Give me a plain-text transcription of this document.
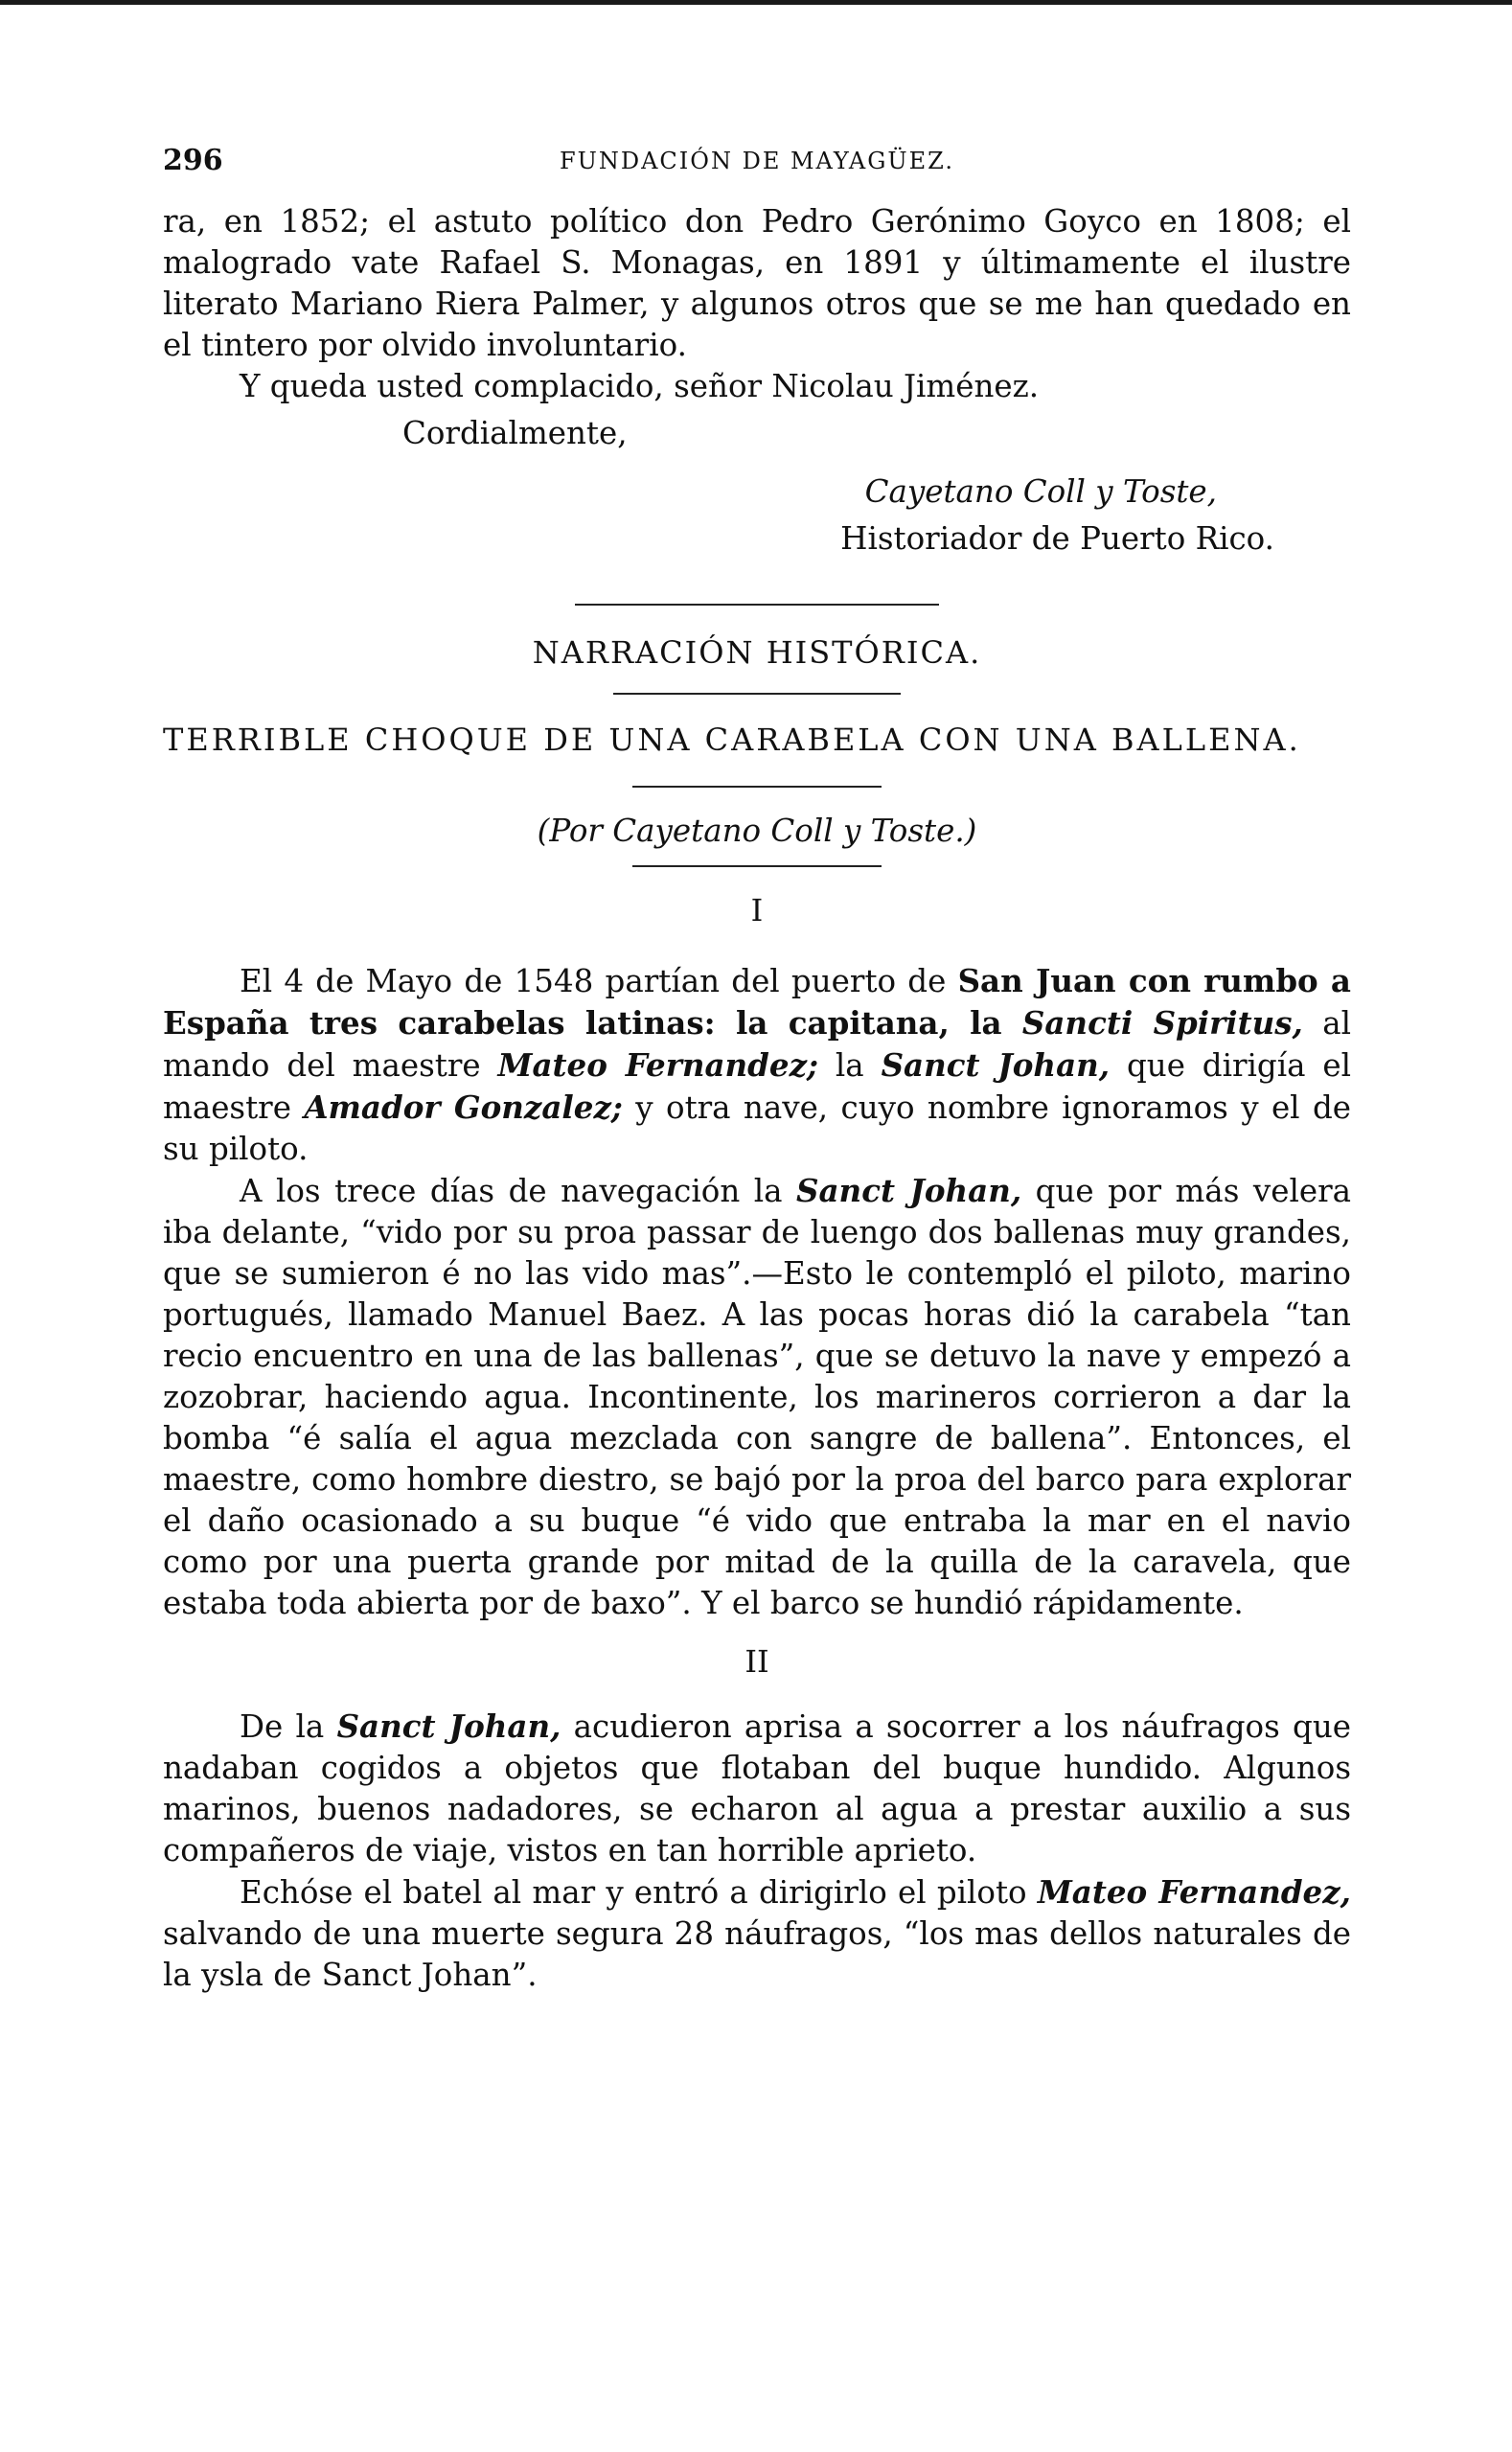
296	FUNDACIÓN DE MAYAGÜEZ.

ra, en 1852; el astuto político don Pedro Gerónimo Goyco en 1808; el malogrado vate Rafael S. Monagas, en 1891 y últimamente el ilustre literato Mariano Riera Palmer, y algunos otros que se me han quedado en el tintero por olvido involuntario.

Y queda usted complacido, señor Nicolau Jiménez.

Cordialmente,

Cayetano Coll y Toste,

Historiador de Puerto Rico.

NARRACIÓN HISTÓRICA.

TERRIBLE CHOQUE DE UNA CARABELA CON UNA BALLENA.

(Por Cayetano Coll y Toste.)

I

El 4 de Mayo de 1548 partían del puerto de San Juan con rumbo a España tres carabelas latinas: la capitana, la Sancti Spiritus, al mando del maestre Mateo Fernandez; la Sanct Johan, que dirigía el maestre Amador Gonzalez; y otra nave, cuyo nombre ignoramos y el de su piloto.

A los trece días de navegación la Sanct Johan, que por más velera iba delante, “vido por su proa passar de luengo dos ballenas muy grandes, que se sumieron é no las vido mas”.—Esto le contempló el piloto, marino portugués, llamado Manuel Baez. A las pocas horas dió la carabela “tan recio encuentro en una de las ballenas”, que se detuvo la nave y empezó a zozobrar, haciendo agua. Incontinente, los marineros corrieron a dar la bomba “é salía el agua mezclada con sangre de ballena”. Entonces, el maestre, como hombre diestro, se bajó por la proa del barco para explorar el daño ocasionado a su buque “é vido que entraba la mar en el navio como por una puerta grande por mitad de la quilla de la caravela, que estaba toda abierta por de baxo”. Y el barco se hundió rápidamente.

II

De la Sanct Johan, acudieron aprisa a socorrer a los náufragos que nadaban cogidos a objetos que flotaban del buque hundido. Algunos marinos, buenos nadadores, se echaron al agua a prestar auxilio a sus compañeros de viaje, vistos en tan horrible aprieto.

Echóse el batel al mar y entró a dirigirlo el piloto Mateo Fernandez, salvando de una muerte segura 28 náufragos, “los mas dellos naturales de la ysla de Sanct Johan”.
